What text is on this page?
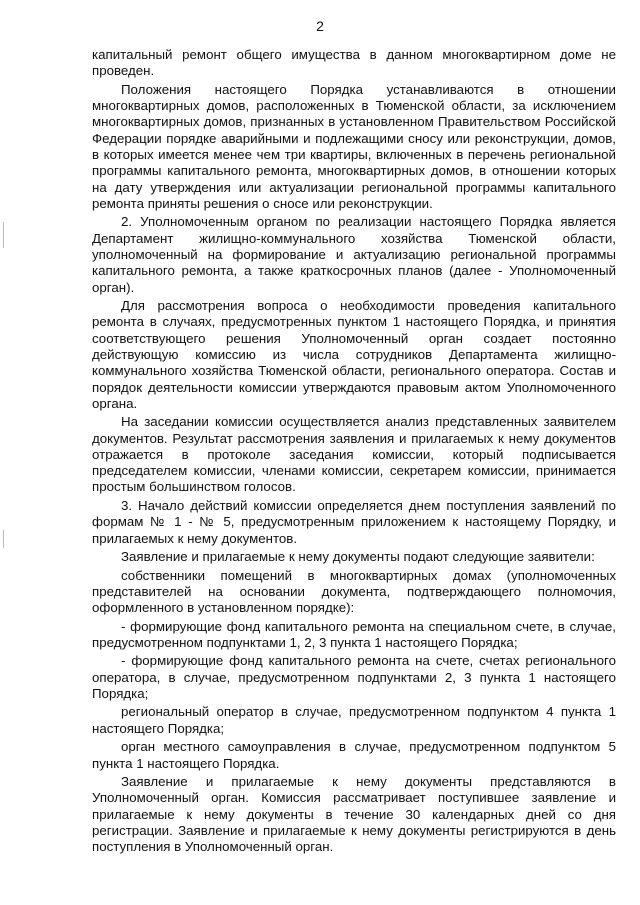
2

капитальный ремонт общего имущества в данном многоквартирном доме не проведен.

Положения настоящего Порядка устанавливаются в отношении многоквартирных домов, расположенных в Тюменской области, за исключением многоквартирных домов, признанных в установленном Правительством Российской Федерации порядке аварийными и подлежащими сносу или реконструкции, домов, в которых имеется менее чем три квартиры, включенных в перечень региональной программы капитального ремонта, многоквартирных домов, в отношении которых на дату утверждения или актуализации региональной программы капитального ремонта приняты решения о сносе или реконструкции.

2. Уполномоченным органом по реализации настоящего Порядка является Департамент жилищно-коммунального хозяйства Тюменской области, уполномоченный на формирование и актуализацию региональной программы капитального ремонта, а также краткосрочных планов (далее - Уполномоченный орган).

Для рассмотрения вопроса о необходимости проведения капитального ремонта в случаях, предусмотренных пунктом 1 настоящего Порядка, и принятия соответствующего решения Уполномоченный орган создает постоянно действующую комиссию из числа сотрудников Департамента жилищно-коммунального хозяйства Тюменской области, регионального оператора. Состав и порядок деятельности комиссии утверждаются правовым актом Уполномоченного органа.

На заседании комиссии осуществляется анализ представленных заявителем документов. Результат рассмотрения заявления и прилагаемых к нему документов отражается в протоколе заседания комиссии, который подписывается председателем комиссии, членами комиссии, секретарем комиссии, принимается простым большинством голосов.

3. Начало действий комиссии определяется днем поступления заявлений по формам № 1 - № 5, предусмотренным приложением к настоящему Порядку, и прилагаемых к нему документов.

Заявление и прилагаемые к нему документы подают следующие заявители:

собственники помещений в многоквартирных домах (уполномоченных представителей на основании документа, подтверждающего полномочия, оформленного в установленном порядке):

- формирующие фонд капитального ремонта на специальном счете, в случае, предусмотренном подпунктами 1, 2, 3 пункта 1 настоящего Порядка;

- формирующие фонд капитального ремонта на счете, счетах регионального оператора, в случае, предусмотренном подпунктами 2, 3 пункта 1 настоящего Порядка;

региональный оператор в случае, предусмотренном подпунктом 4 пункта 1 настоящего Порядка;

орган местного самоуправления в случае, предусмотренном подпунктом 5 пункта 1 настоящего Порядка.

Заявление и прилагаемые к нему документы представляются в Уполномоченный орган. Комиссия рассматривает поступившее заявление и прилагаемые к нему документы в течение 30 календарных дней со дня регистрации. Заявление и прилагаемые к нему документы регистрируются в день поступления в Уполномоченный орган.
